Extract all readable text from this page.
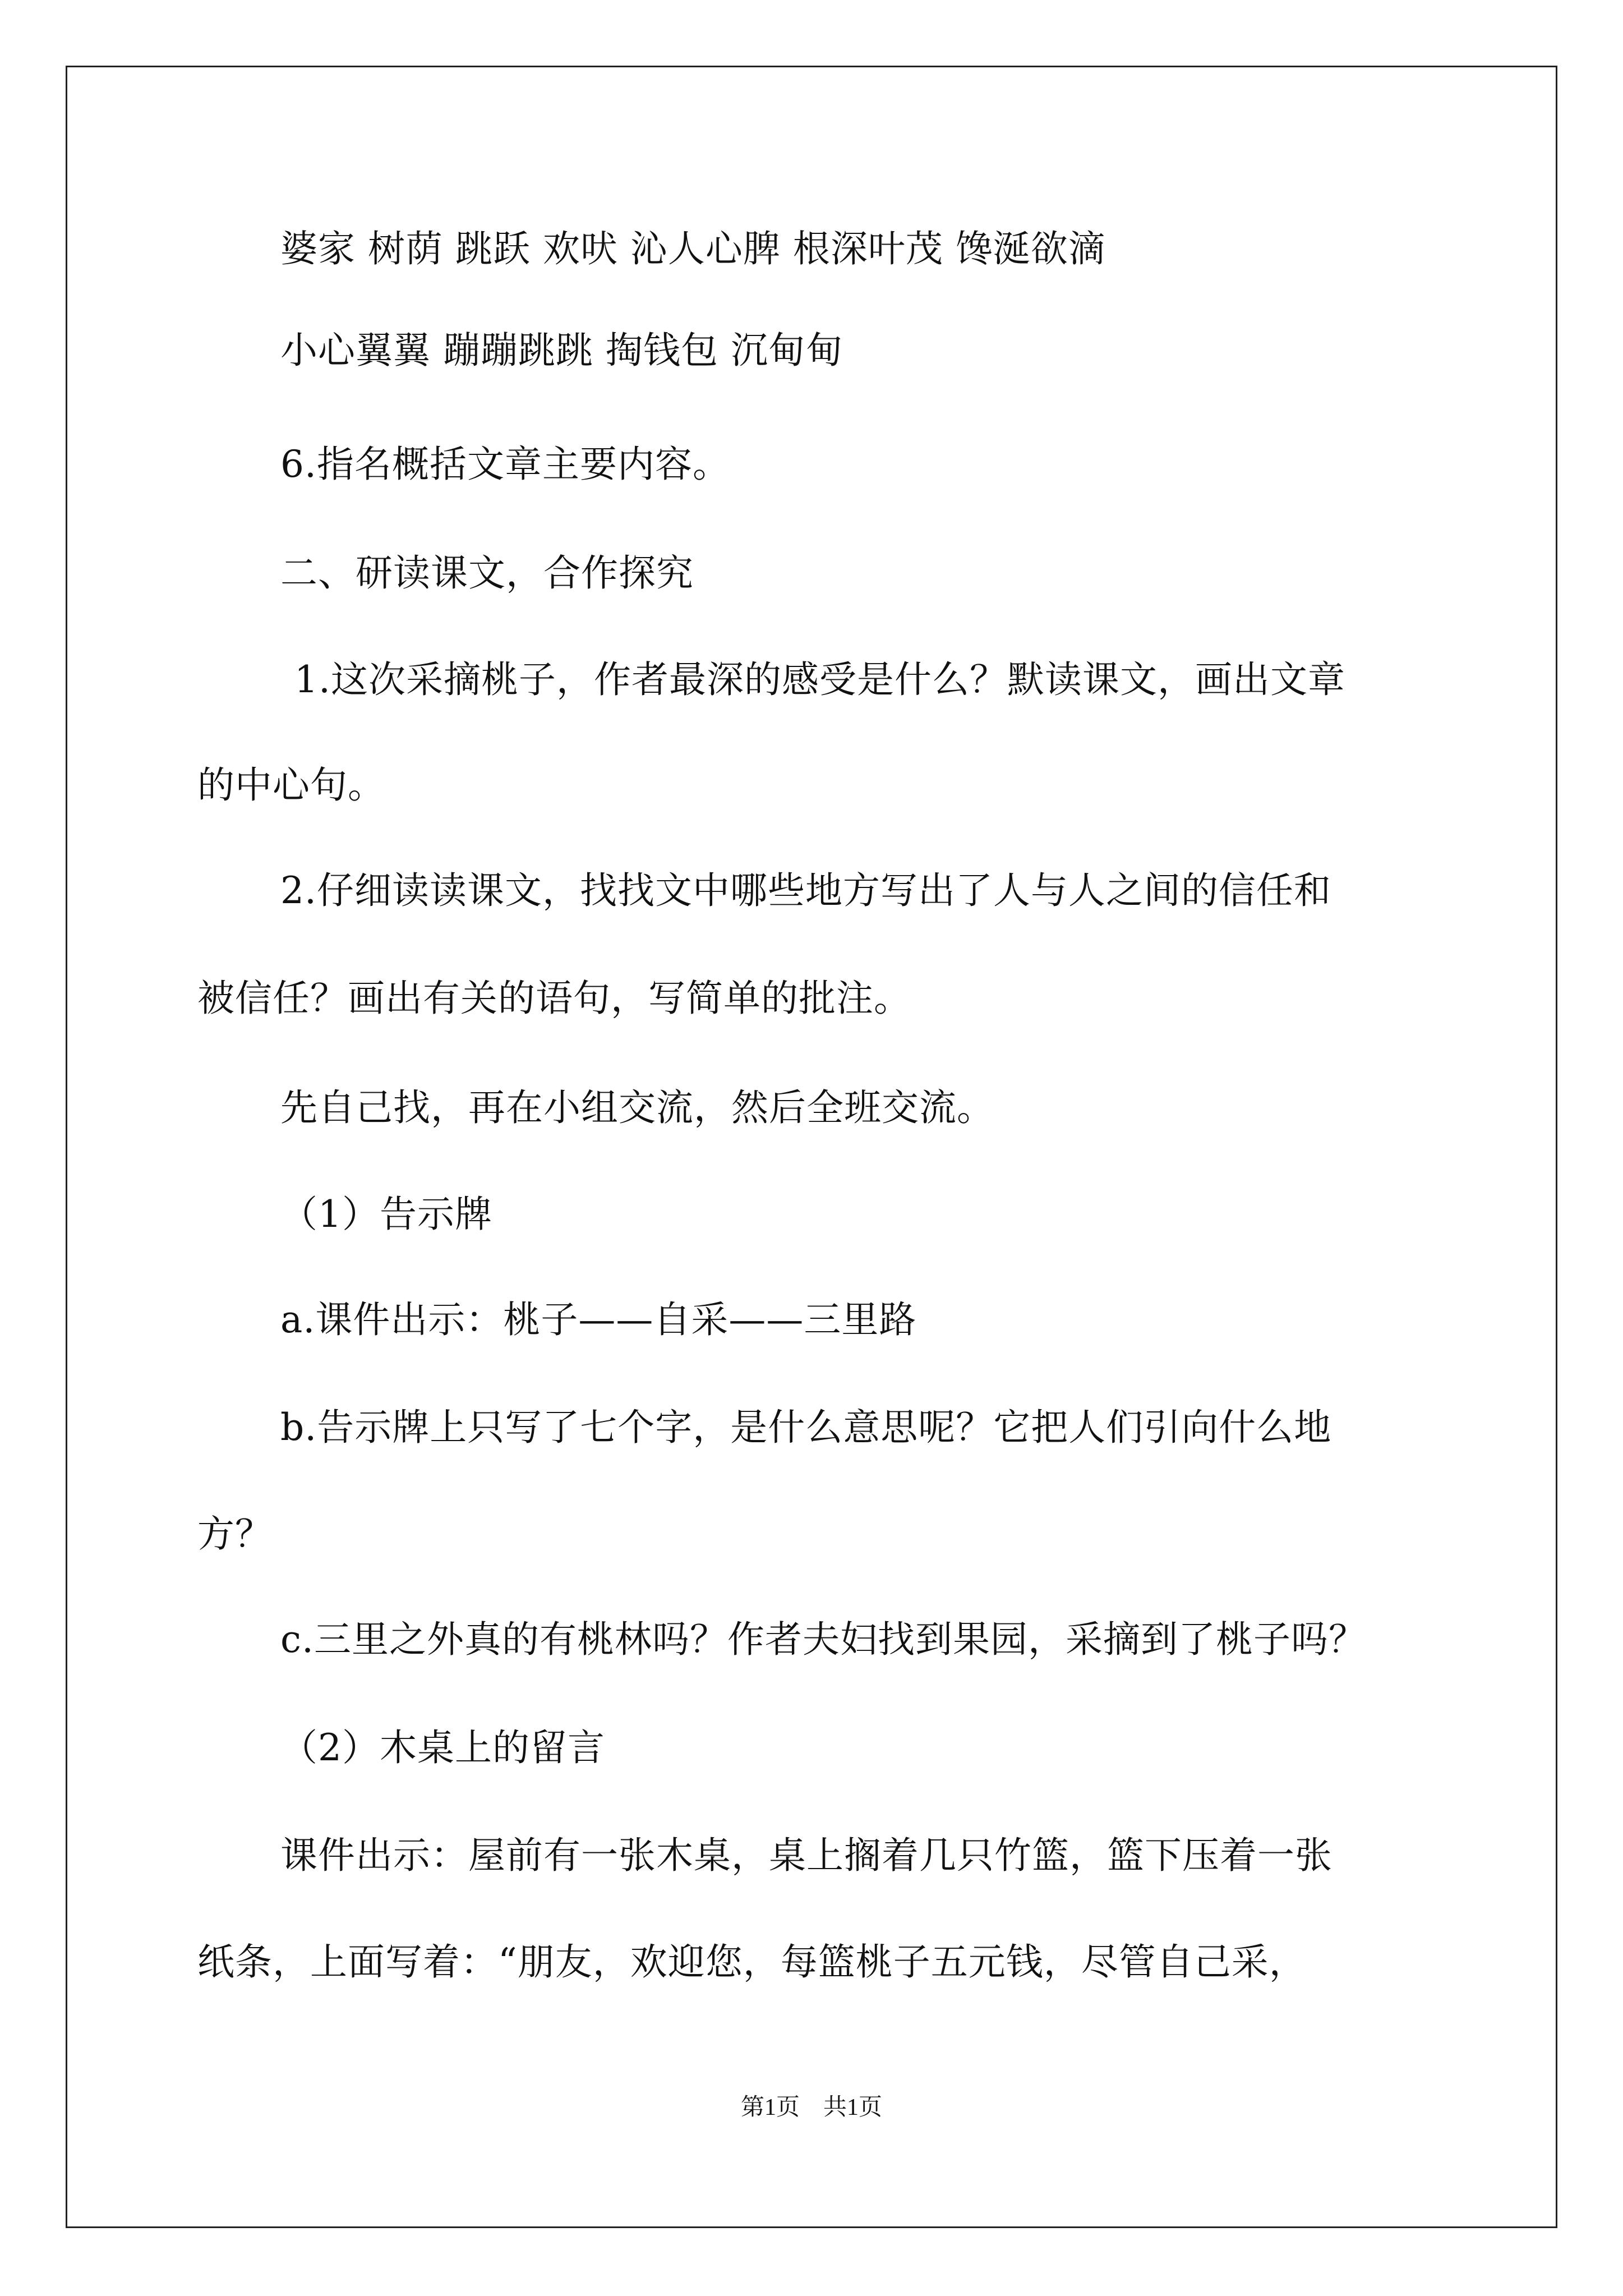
婆家 树荫 跳跃 欢吠 沁人心脾 根深叶茂 馋涎欲滴
小心翼翼 蹦蹦跳跳 掏钱包 沉甸甸
6.指名概括文章主要内容。
二、研读课文，合作探究
1.这次采摘桃子，作者最深的感受是什么？默读课文，画出文章
的中心句。
2.仔细读读课文，找找文中哪些地方写出了人与人之间的信任和
被信任？画出有关的语句，写简单的批注。
先自己找，再在小组交流，然后全班交流。
（1）告示牌
a.课件出示：桃子——自采——三里路
b.告示牌上只写了七个字，是什么意思呢？它把人们引向什么地
方？
c.三里之外真的有桃林吗？作者夫妇找到果园，采摘到了桃子吗？
（2）木桌上的留言
课件出示：屋前有一张木桌，桌上搁着几只竹篮，篮下压着一张
纸条，上面写着：“朋友，欢迎您，每篮桃子五元钱，尽管自己采，
第1页　共1页
